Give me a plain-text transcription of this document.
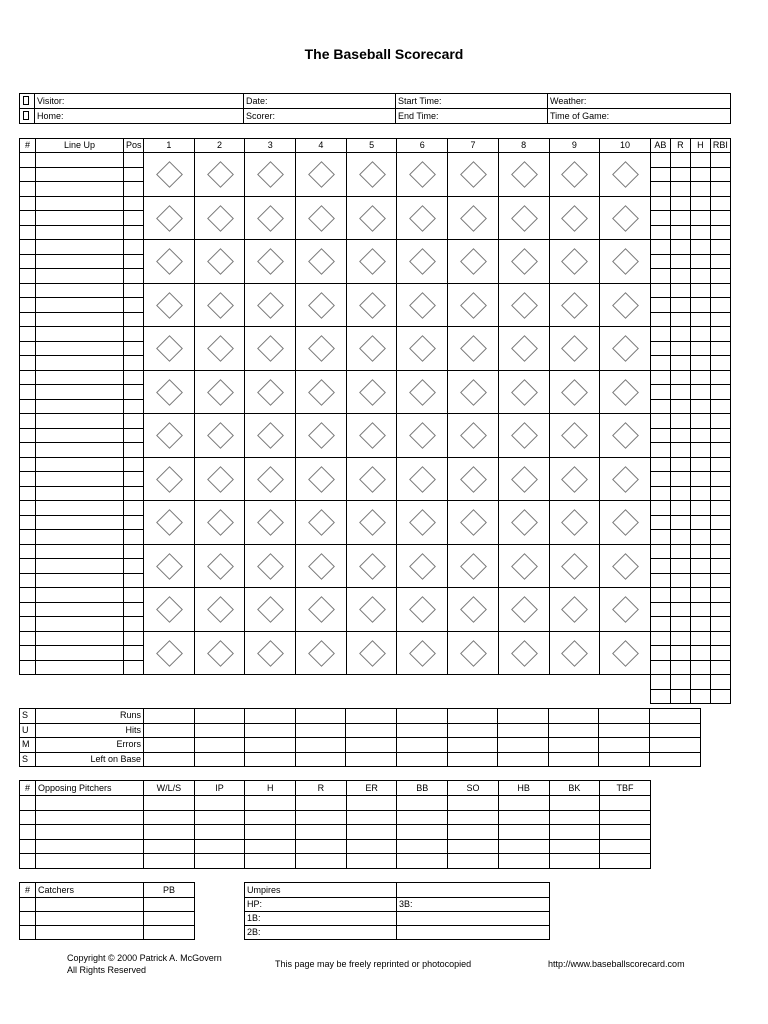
The Baseball Scorecard
	Visitor:	Date:	Start Time:	Weather:
	Home:	Scorer:	End Time:	Time of Game:
#	Line Up	Pos	1	2	3	4	5	6	7	8	9	10	AB	R	H	RBI

S	Runs											
U	Hits											
M	Errors											
S	Left on Base											
#	Opposing Pitchers	W/L/S	IP	H	R	ER	BB	SO	HB	BK	TBF

#	Catchers	PB

			Umpires	
HP:	3B:
1B:	
2B:	
Copyright © 2000 Patrick A. McGovern
All Rights Reserved
This page may be freely reprinted or photocopied	http://www.baseballscorecard.com
